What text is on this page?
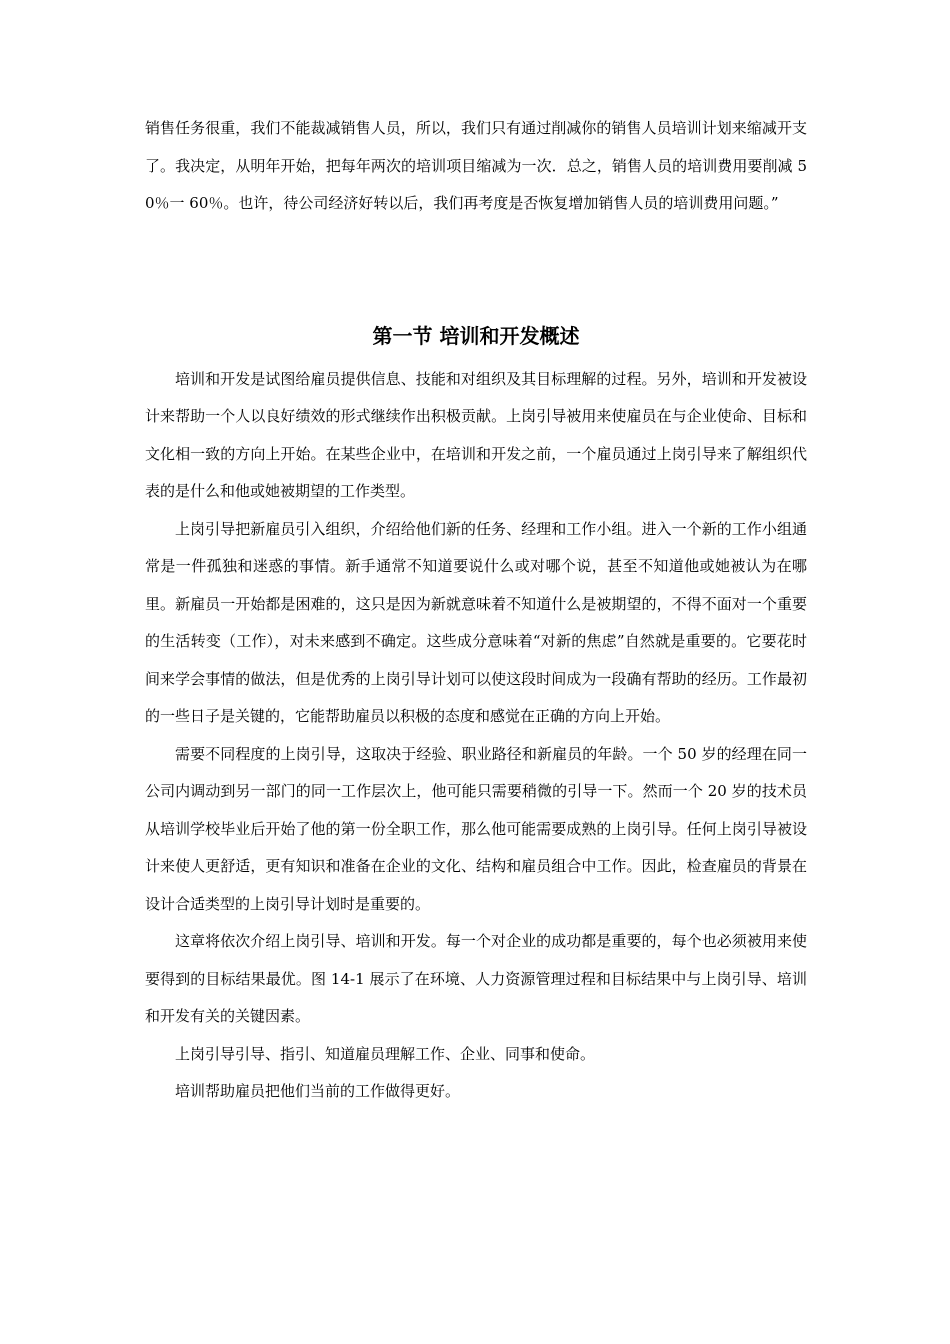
销售任务很重，我们不能裁减销售人员，所以，我们只有通过削减你的销售人员培训计划来缩减开支了。我决定，从明年开始，把每年两次的培训项目缩减为一次．总之，销售人员的培训费用要削减 50％一 60％。也许，待公司经济好转以后，我们再考度是否恢复增加销售人员的培训费用问题。”

第一节 培训和开发概述

培训和开发是试图给雇员提供信息、技能和对组织及其目标理解的过程。另外，培训和开发被设计来帮助一个人以良好绩效的形式继续作出积极贡献。上岗引导被用来使雇员在与企业使命、目标和文化相一致的方向上开始。在某些企业中，在培训和开发之前，一个雇员通过上岗引导来了解组织代表的是什么和他或她被期望的工作类型。

上岗引导把新雇员引入组织，介绍给他们新的任务、经理和工作小组。进入一个新的工作小组通常是一件孤独和迷惑的事情。新手通常不知道要说什么或对哪个说，甚至不知道他或她被认为在哪里。新雇员一开始都是困难的，这只是因为新就意味着不知道什么是被期望的，不得不面对一个重要的生活转变（工作），对未来感到不确定。这些成分意味着“对新的焦虑”自然就是重要的。它要花时间来学会事情的做法，但是优秀的上岗引导计划可以使这段时间成为一段确有帮助的经历。工作最初的一些日子是关键的，它能帮助雇员以积极的态度和感觉在正确的方向上开始。

需要不同程度的上岗引导，这取决于经验、职业路径和新雇员的年龄。一个 50 岁的经理在同一公司内调动到另一部门的同一工作层次上，他可能只需要稍微的引导一下。然而一个 20 岁的技术员从培训学校毕业后开始了他的第一份全职工作，那么他可能需要成熟的上岗引导。任何上岗引导被设计来使人更舒适，更有知识和准备在企业的文化、结构和雇员组合中工作。因此，检查雇员的背景在设计合适类型的上岗引导计划时是重要的。

这章将依次介绍上岗引导、培训和开发。每一个对企业的成功都是重要的，每个也必须被用来使要得到的目标结果最优。图 14-1 展示了在环境、人力资源管理过程和目标结果中与上岗引导、培训和开发有关的关键因素。

上岗引导引导、指引、知道雇员理解工作、企业、同事和使命。

培训帮助雇员把他们当前的工作做得更好。
